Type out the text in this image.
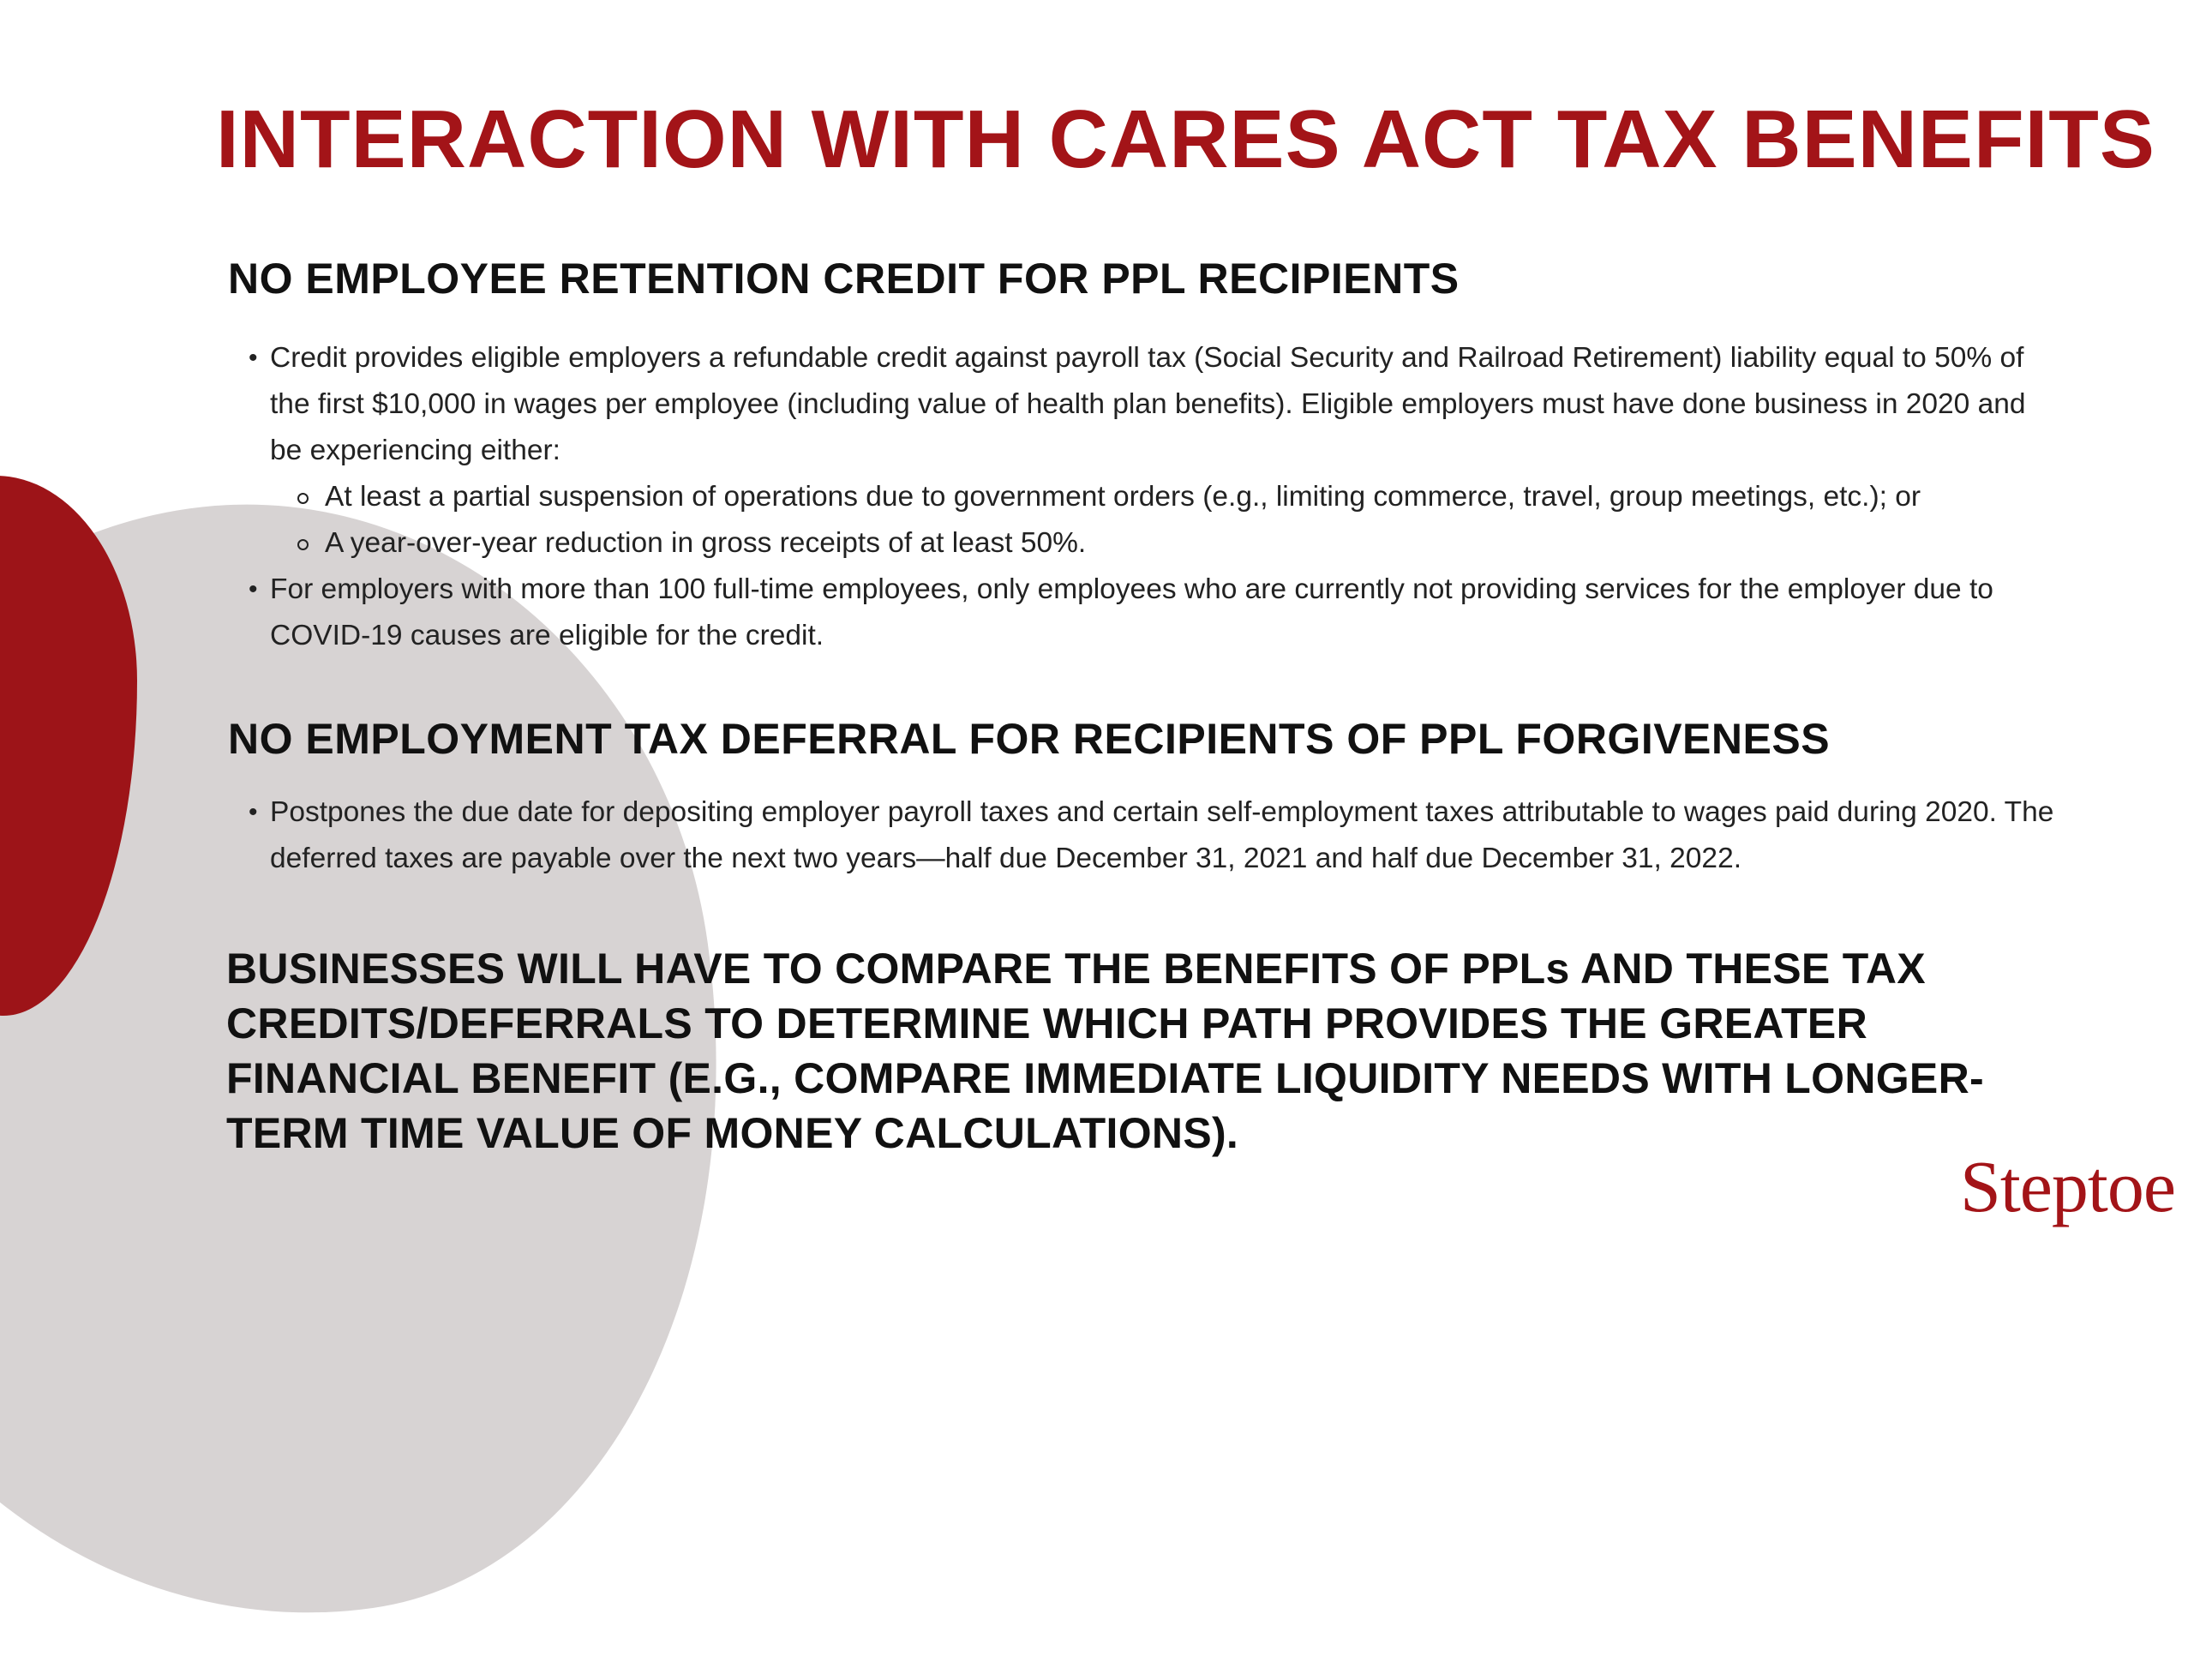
INTERACTION WITH CARES ACT TAX BENEFITS
NO EMPLOYEE RETENTION CREDIT FOR PPL RECIPIENTS
• Credit provides eligible employers a refundable credit against payroll tax (Social Security and Railroad Retirement) liability equal to 50% of the first $10,000 in wages per employee (including value of health plan benefits). Eligible employers must have done business in 2020 and be experiencing either:
At least a partial suspension of operations due to government orders (e.g., limiting commerce, travel, group meetings, etc.); or
A year-over-year reduction in gross receipts of at least 50%.
• For employers with more than 100 full-time employees, only employees who are currently not providing services for the employer due to COVID-19 causes are eligible for the credit.
NO EMPLOYMENT TAX DEFERRAL FOR RECIPIENTS OF PPL FORGIVENESS
• Postpones the due date for depositing employer payroll taxes and certain self-employment taxes attributable to wages paid during 2020. The deferred taxes are payable over the next two years—half due December 31, 2021 and half due December 31, 2022.

BUSINESSES WILL HAVE TO COMPARE THE BENEFITS OF PPLs AND THESE TAX CREDITS/DEFERRALS TO DETERMINE WHICH PATH PROVIDES THE GREATER FINANCIAL BENEFIT (E.G., COMPARE IMMEDIATE LIQUIDITY NEEDS WITH LONGER-TERM TIME VALUE OF MONEY CALCULATIONS).

Steptoe
